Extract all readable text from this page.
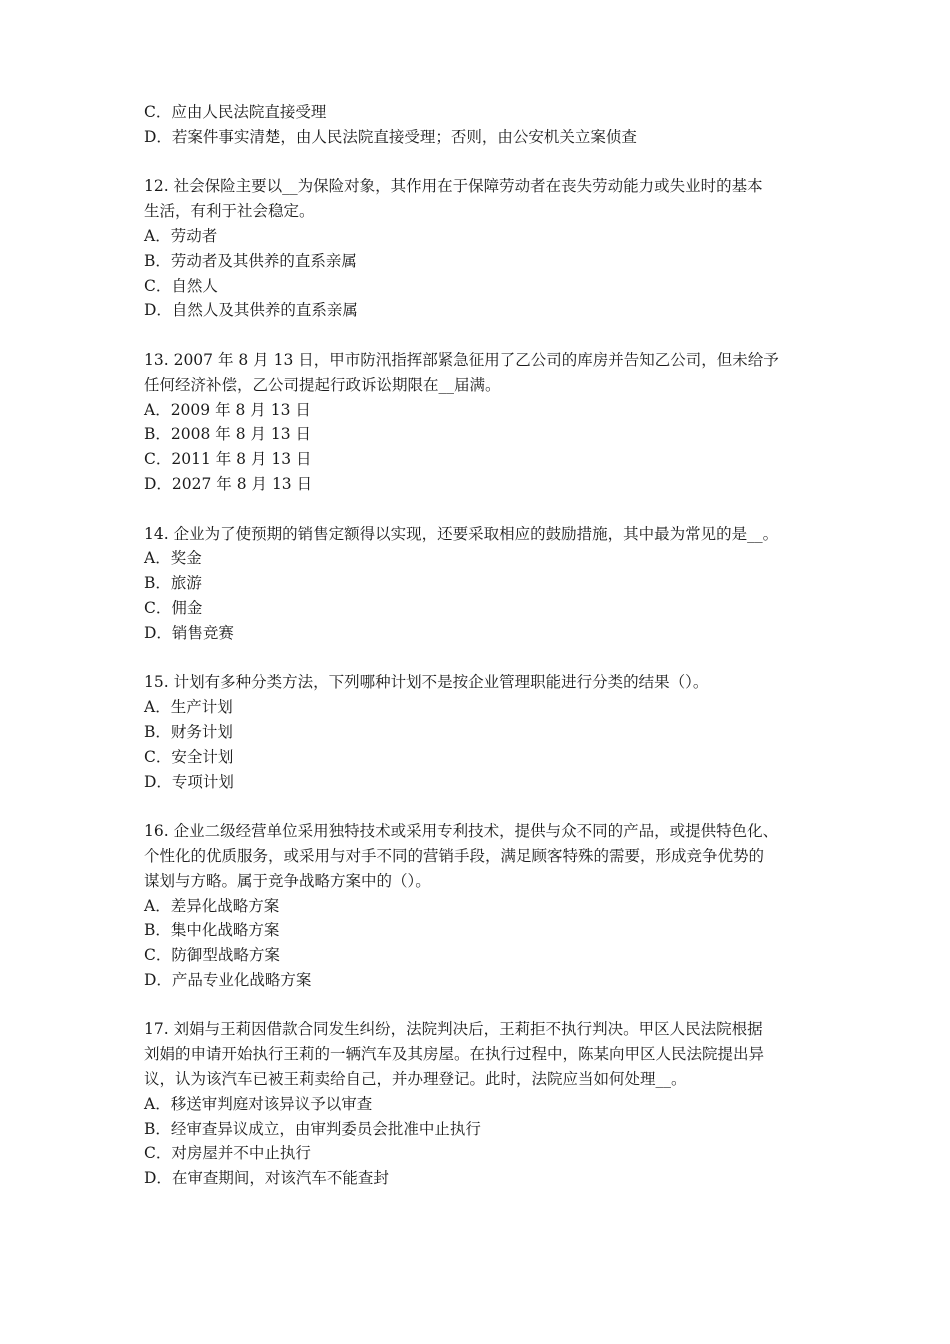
C．应由人民法院直接受理
D．若案件事实清楚，由人民法院直接受理；否则，由公安机关立案侦查
12. 社会保险主要以__为保险对象，其作用在于保障劳动者在丧失劳动能力或失业时的基本
生活，有利于社会稳定。
A．劳动者
B．劳动者及其供养的直系亲属
C．自然人
D．自然人及其供养的直系亲属
13. 2007 年 8 月 13 日，甲市防汛指挥部紧急征用了乙公司的库房并告知乙公司，但未给予
任何经济补偿，乙公司提起行政诉讼期限在__届满。
A．2009 年 8 月 13 日
B．2008 年 8 月 13 日
C．2011 年 8 月 13 日
D．2027 年 8 月 13 日
14. 企业为了使预期的销售定额得以实现，还要采取相应的鼓励措施，其中最为常见的是__。
A．奖金
B．旅游
C．佣金
D．销售竞赛
15. 计划有多种分类方法，下列哪种计划不是按企业管理职能进行分类的结果（）。
A．生产计划
B．财务计划
C．安全计划
D．专项计划
16. 企业二级经营单位采用独特技术或采用专利技术，提供与众不同的产品，或提供特色化、
个性化的优质服务，或采用与对手不同的营销手段，满足顾客特殊的需要，形成竞争优势的
谋划与方略。属于竞争战略方案中的（）。
A．差异化战略方案
B．集中化战略方案
C．防御型战略方案
D．产品专业化战略方案
17. 刘娟与王莉因借款合同发生纠纷，法院判决后，王莉拒不执行判决。甲区人民法院根据
刘娟的申请开始执行王莉的一辆汽车及其房屋。在执行过程中，陈某向甲区人民法院提出异
议，认为该汽车已被王莉卖给自己，并办理登记。此时，法院应当如何处理__。
A．移送审判庭对该异议予以审查
B．经审查异议成立，由审判委员会批准中止执行
C．对房屋并不中止执行
D．在审查期间，对该汽车不能查封
